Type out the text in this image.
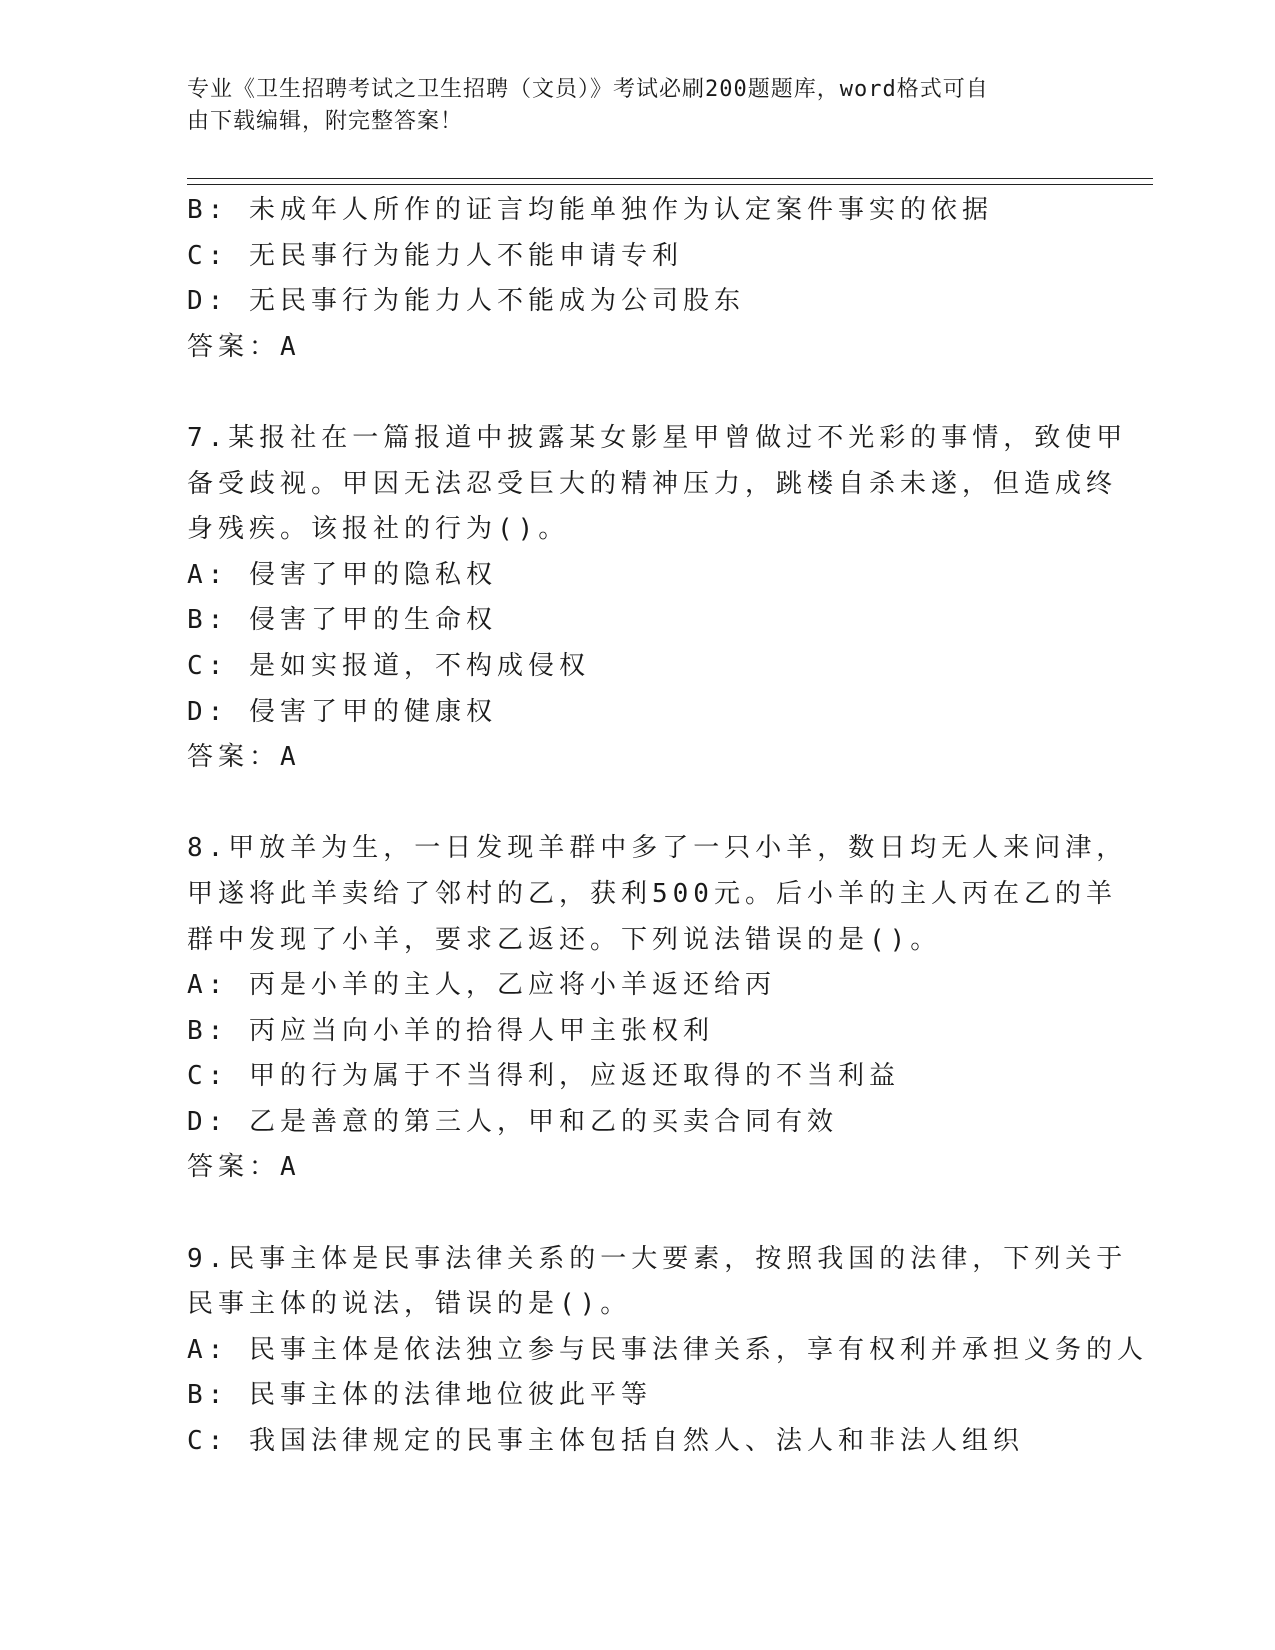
专业《卫生招聘考试之卫生招聘（文员）》考试必刷200题题库，word格式可自
由下载编辑，附完整答案！
B: 未成年人所作的证言均能单独作为认定案件事实的依据
C: 无民事行为能力人不能申请专利
D: 无民事行为能力人不能成为公司股东
答案：A
7.某报社在一篇报道中披露某女影星甲曾做过不光彩的事情，致使甲
备受歧视。甲因无法忍受巨大的精神压力，跳楼自杀未遂，但造成终
身残疾。该报社的行为()。
A: 侵害了甲的隐私权
B: 侵害了甲的生命权
C: 是如实报道，不构成侵权
D: 侵害了甲的健康权
答案：A
8.甲放羊为生，一日发现羊群中多了一只小羊，数日均无人来问津，
甲遂将此羊卖给了邻村的乙，获利500元。后小羊的主人丙在乙的羊
群中发现了小羊，要求乙返还。下列说法错误的是()。
A: 丙是小羊的主人，乙应将小羊返还给丙
B: 丙应当向小羊的拾得人甲主张权利
C: 甲的行为属于不当得利，应返还取得的不当利益
D: 乙是善意的第三人，甲和乙的买卖合同有效
答案：A
9.民事主体是民事法律关系的一大要素，按照我国的法律，下列关于
民事主体的说法，错误的是()。
A: 民事主体是依法独立参与民事法律关系，享有权利并承担义务的人
B: 民事主体的法律地位彼此平等
C: 我国法律规定的民事主体包括自然人、法人和非法人组织
